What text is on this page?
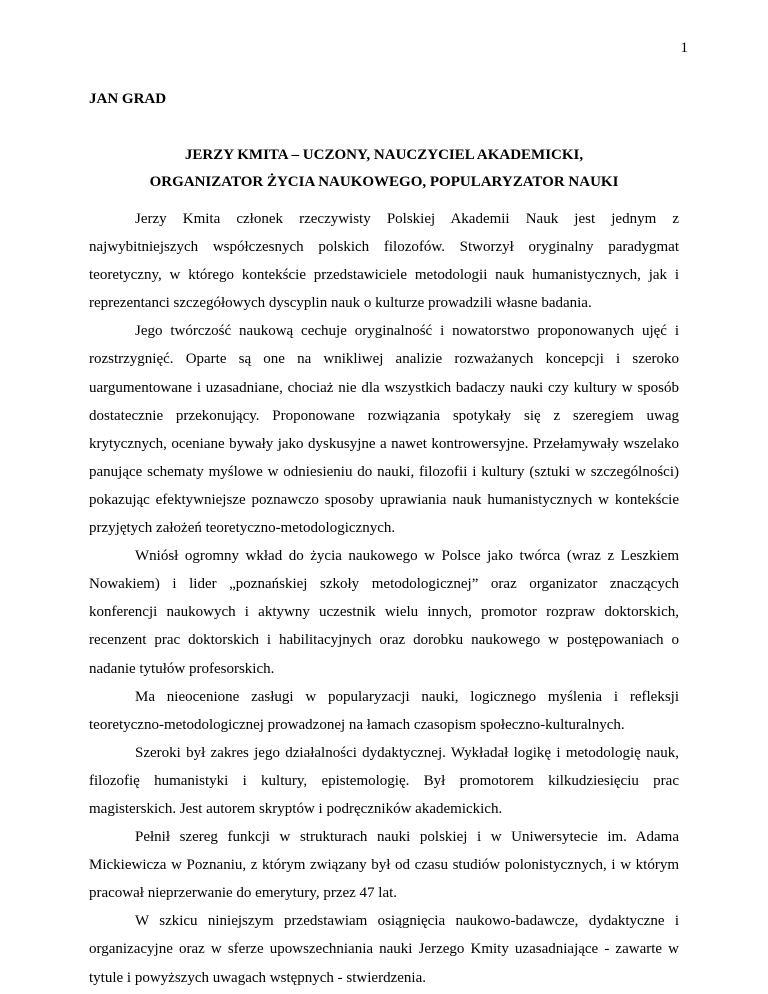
1
JAN GRAD
JERZY KMITA – UCZONY, NAUCZYCIEL AKADEMICKI,
ORGANIZATOR ŻYCIA NAUKOWEGO, POPULARYZATOR NAUKI

Jerzy Kmita członek rzeczywisty Polskiej Akademii Nauk jest jednym z najwybitniejszych współczesnych polskich filozofów. Stworzył oryginalny paradygmat teoretyczny, w którego kontekście przedstawiciele metodologii nauk humanistycznych, jak i reprezentanci szczegółowych dyscyplin nauk o kulturze prowadzili własne badania.

Jego twórczość naukową cechuje oryginalność i nowatorstwo proponowanych ujęć i rozstrzygnięć. Oparte są one na wnikliwej analizie rozważanych koncepcji i szeroko uargumentowane i uzasadniane, chociaż nie dla wszystkich badaczy nauki czy kultury w sposób dostatecznie przekonujący. Proponowane rozwiązania spotykały się z szeregiem uwag krytycznych, oceniane bywały jako dyskusyjne a nawet kontrowersyjne. Przełamywały wszelako panujące schematy myślowe w odniesieniu do nauki, filozofii i kultury (sztuki w szczególności) pokazując efektywniejsze poznawczo sposoby uprawiania nauk humanistycznych w kontekście przyjętych założeń teoretyczno-metodologicznych.

Wniósł ogromny wkład do życia naukowego w Polsce jako twórca (wraz z Leszkiem Nowakiem) i lider „poznańskiej szkoły metodologicznej” oraz organizator znaczących konferencji naukowych i aktywny uczestnik wielu innych, promotor rozpraw doktorskich, recenzent prac doktorskich i habilitacyjnych oraz dorobku naukowego w postępowaniach o nadanie tytułów profesorskich.

Ma nieocenione zasługi w popularyzacji nauki, logicznego myślenia i refleksji teoretyczno-metodologicznej prowadzonej na łamach czasopism społeczno-kulturalnych.

Szeroki był zakres jego działalności dydaktycznej. Wykładał logikę i metodologię nauk, filozofię humanistyki i kultury, epistemologię. Był promotorem kilkudziesięciu prac magisterskich. Jest autorem skryptów i podręczników akademickich.

Pełnił szereg funkcji w strukturach nauki polskiej i w Uniwersytecie im. Adama Mickiewicza w Poznaniu, z którym związany był od czasu studiów polonistycznych, i w którym pracował nieprzerwanie do emerytury, przez 47 lat.

W szkicu niniejszym przedstawiam osiągnięcia naukowo-badawcze, dydaktyczne i organizacyjne oraz w sferze upowszechniania nauki Jerzego Kmity uzasadniające - zawarte w tytule i powyższych uwagach wstępnych - stwierdzenia.
